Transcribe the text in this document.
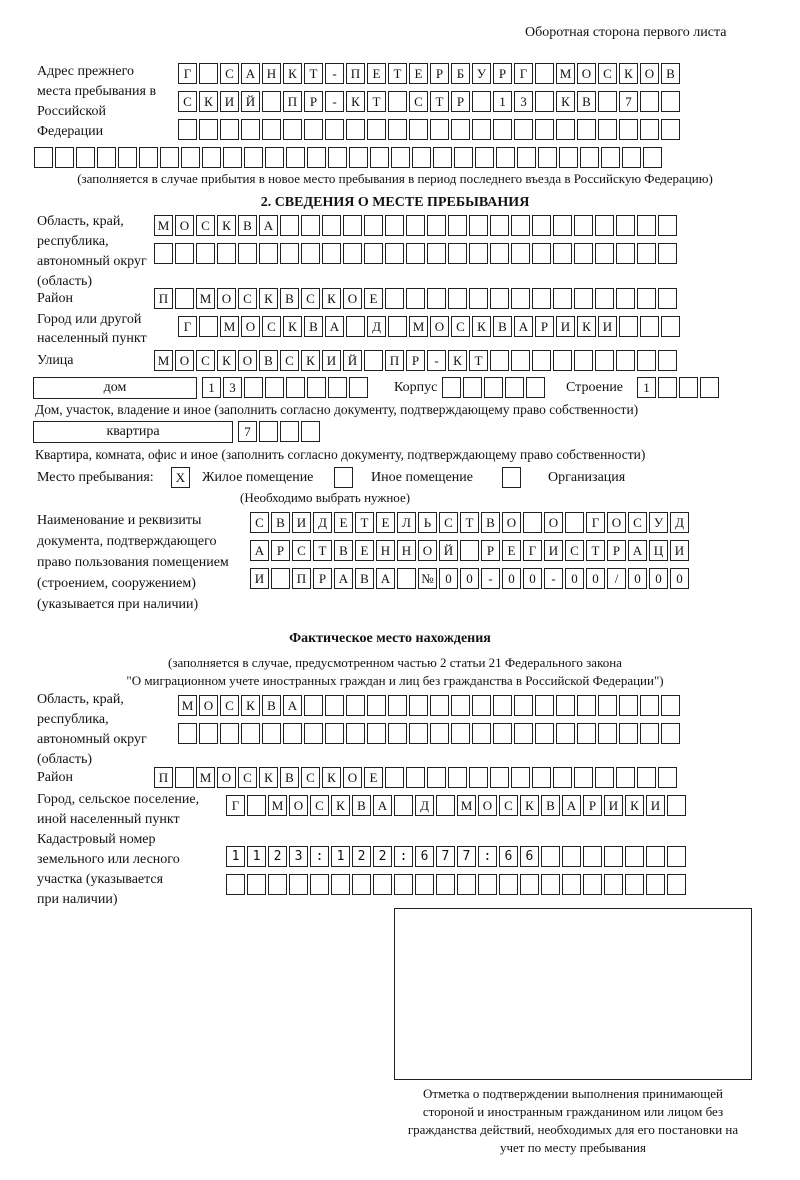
Оборотная сторона первого листа
Адрес прежнего места пребывания в Российской Федерации
Г	С А Н К Т	-	П Е	Т	Е	Р	Б У Р	Г	М О С К О В
С К И Й	П Р	-	К Т	С Т	Р	1	3	К В	7
(заполняется в случае прибытия в новое место пребывания в период последнего въезда в Российскую Федерацию)
2. СВЕДЕНИЯ О МЕСТЕ ПРЕБЫВАНИЯ
Область, край, республика, автономный округ (область)
М О С К В А
Район	П	М О С К В С К О Е
Город или другой населенный пункт
Г	М О С К В А	Д	М О С К В А Р И К И
Улица	М О С К О В С К И Й	П Р	-	К Т
дом	1	3	Корпус	Строение	1
Дом, участок, владение и иное (заполнить согласно документу, подтверждающему право собственности)
квартира	7
Квартира, комната, офис и иное (заполнить согласно документу, подтверждающему право собственности)
Место пребывания:	X	Жилое помещение	Иное помещение	Организация
(Необходимо выбрать нужное)
Наименование и реквизиты документа, подтверждающего право пользования помещением (строением, сооружением) (указывается при наличии)
С В И Д Е	Т	Е Л Ь С Т В О	О	Г О С У Д
А Р	С Т В Е Н Н О Й	Р	Е	Г И С Т	Р А Ц И
И	П Р А В А	№ 0	0	-	0	0	-	0	0	/	0	0	0
Фактическое место нахождения
(заполняется в случае, предусмотренном частью 2 статьи 21 Федерального закона
"О миграционном учете иностранных граждан и лиц без гражданства в Российской Федерации")
Область, край, республика, автономный округ (область)
М О С К В А
Район	П	М О С К В С К О Е
Город, сельское поселение, иной населенный пункт
Г	М О С К В А	Д	М О С К В А Р И К И
Кадастровый номер земельного или лесного участка (указывается при наличии)
1123:122:677:66
Отметка о подтверждении выполнения принимающей стороной и иностранным гражданином или лицом без гражданства действий, необходимых для его постановки на учет по месту пребывания
